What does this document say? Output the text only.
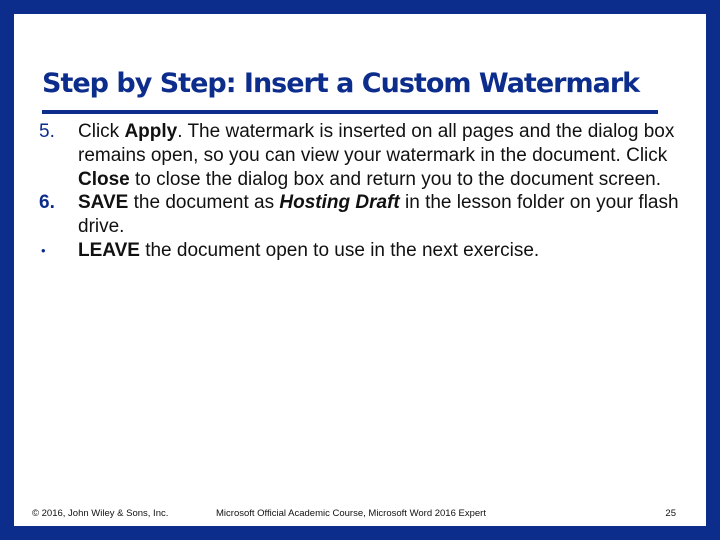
Step by Step: Insert a Custom Watermark

5.	Click Apply. The watermark is inserted on all pages and the dialog box remains open, so you can view your watermark in the document. Click Close to close the dialog box and return you to the document screen.

6.	SAVE the document as Hosting Draft in the lesson folder on your flash drive.

•	LEAVE the document open to use in the next exercise.

© 2016, John Wiley & Sons, Inc.	Microsoft Official Academic Course, Microsoft Word 2016 Expert	25
